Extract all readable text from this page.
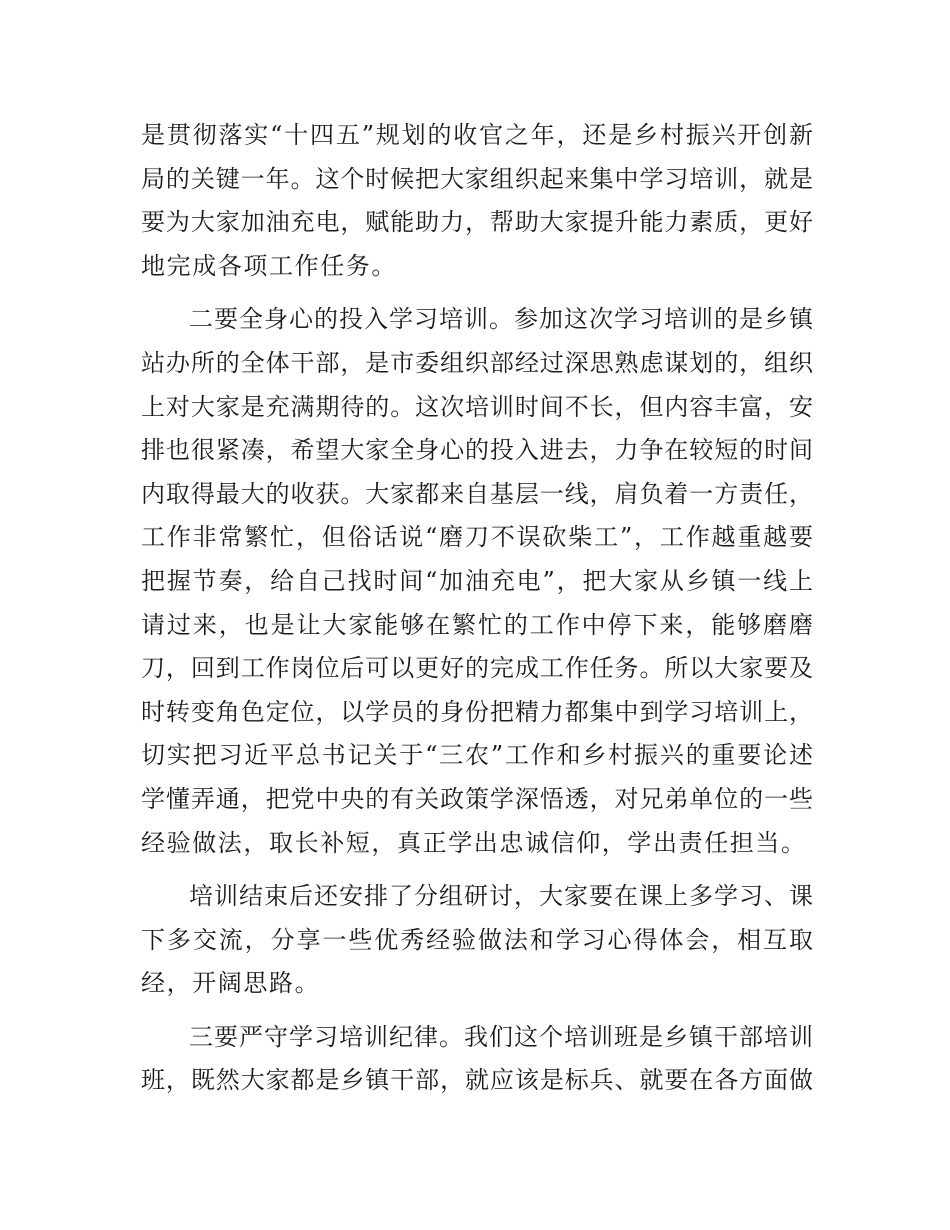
是贯彻落实“十四五”规划的收官之年，还是乡村振兴开创新
局的关键一年。这个时候把大家组织起来集中学习培训，就是
要为大家加油充电，赋能助力，帮助大家提升能力素质，更好
地完成各项工作任务。
二要全身心的投入学习培训。参加这次学习培训的是乡镇
站办所的全体干部，是市委组织部经过深思熟虑谋划的，组织
上对大家是充满期待的。这次培训时间不长，但内容丰富，安
排也很紧凑，希望大家全身心的投入进去，力争在较短的时间
内取得最大的收获。大家都来自基层一线，肩负着一方责任，
工作非常繁忙，但俗话说“磨刀不误砍柴工”，工作越重越要
把握节奏，给自己找时间“加油充电”，把大家从乡镇一线上
请过来，也是让大家能够在繁忙的工作中停下来，能够磨磨
刀，回到工作岗位后可以更好的完成工作任务。所以大家要及
时转变角色定位，以学员的身份把精力都集中到学习培训上，
切实把习近平总书记关于“三农”工作和乡村振兴的重要论述
学懂弄通，把党中央的有关政策学深悟透，对兄弟单位的一些
经验做法，取长补短，真正学出忠诚信仰，学出责任担当。
培训结束后还安排了分组研讨，大家要在课上多学习、课
下多交流，分享一些优秀经验做法和学习心得体会，相互取
经，开阔思路。
三要严守学习培训纪律。我们这个培训班是乡镇干部培训
班，既然大家都是乡镇干部，就应该是标兵、就要在各方面做
